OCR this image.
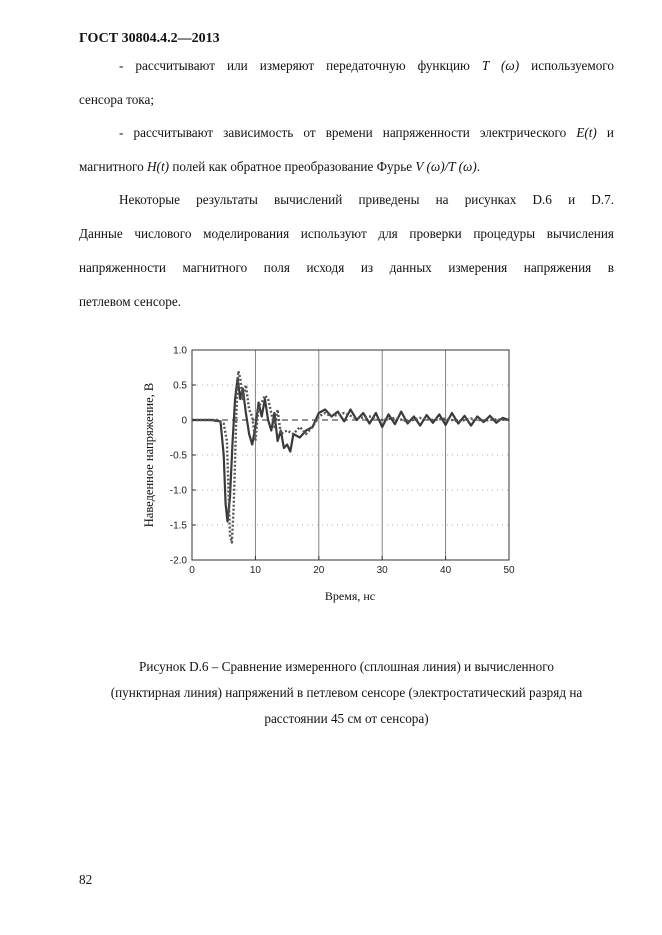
ГОСТ 30804.4.2—2013
- рассчитывают или измеряют передаточную функцию T (ω) используемого
сенсора тока;
- рассчитывают зависимость от времени напряженности электрического E(t) и
магнитного H(t) полей как обратное преобразование Фурье V (ω)/T (ω).
Некоторые результаты вычислений приведены на рисунках D.6 и D.7.
Данные числового моделирования используют для проверки процедуры вычисления
напряженности магнитного поля исходя из данных измерения напряжения в
петлевом сенсоре.
0	10	20	30	40	50
1.0
0.5
0
-0.5
-1.0
-1.5
-2.0
Наведенное напряжение, В
Время, нс
Рисунок D.6 – Сравнение измеренного (сплошная линия) и вычисленного
(пунктирная линия) напряжений в петлевом сенсоре (электростатический разряд на
расстоянии 45 см от сенсора)
82
